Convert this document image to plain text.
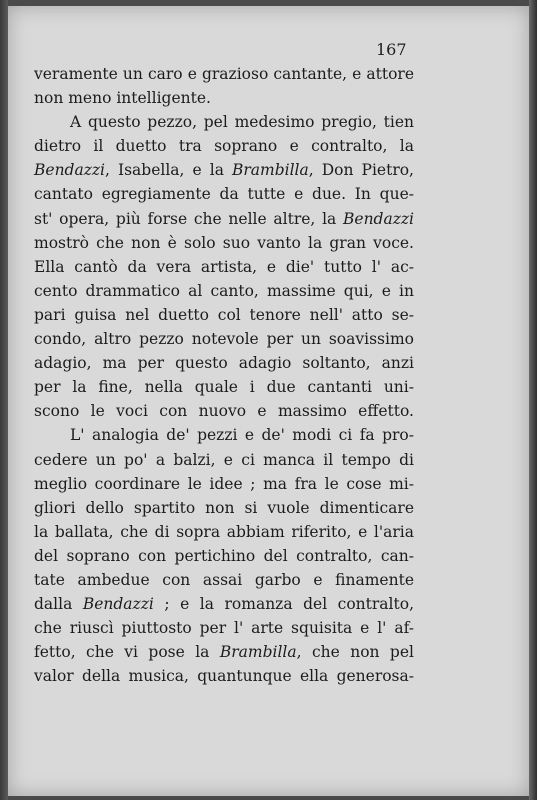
167
veramente un caro e grazioso cantante, e attore
non meno intelligente.
A questo pezzo, pel medesimo pregio, tien
dietro il duetto tra soprano e contralto, la
Bendazzi, Isabella, e la Brambilla, Don Pietro,
cantato egregiamente da tutte e due. In que-
st' opera, più forse che nelle altre, la Bendazzi
mostrò che non è solo suo vanto la gran voce.
Ella cantò da vera artista, e die' tutto l' ac-
cento drammatico al canto, massime qui, e in
pari guisa nel duetto col tenore nell' atto se-
condo, altro pezzo notevole per un soavissimo
adagio, ma per questo adagio soltanto, anzi
per la fine, nella quale i due cantanti uni-
scono le voci con nuovo e massimo effetto.
L' analogia de' pezzi e de' modi ci fa pro-
cedere un po' a balzi, e ci manca il tempo di
meglio coordinare le idee ; ma fra le cose mi-
gliori dello spartito non si vuole dimenticare
la ballata, che di sopra abbiam riferito, e l'aria
del soprano con pertichino del contralto, can-
tate ambedue con assai garbo e finamente
dalla Bendazzi ; e la romanza del contralto,
che riuscì piuttosto per l' arte squisita e l' af-
fetto, che vi pose la Brambilla, che non pel
valor della musica, quantunque ella generosa-
